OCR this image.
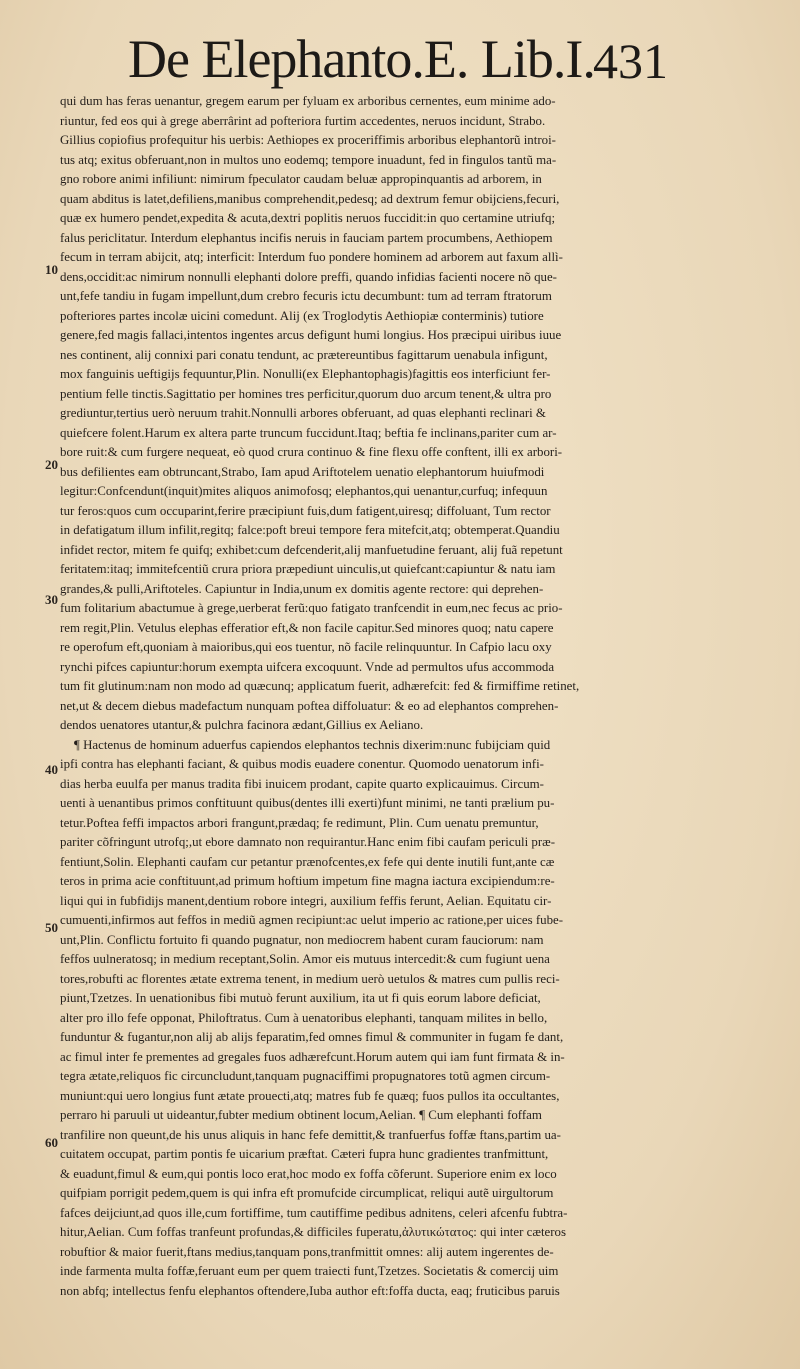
De Elephanto.E. Lib.I.
431
10
20
30
40
50
60
qui dum has feras uenantur, gregem earum per fyluam ex arboribus cernentes, eum minime ado-
riuntur, fed eos qui à grege aberrârint ad pofteriora furtim accedentes, neruos incidunt, Strabo.
Gillius copiofius profequitur his uerbis: Aethiopes ex proceriffimis arboribus elephantorũ introi-
tus atq; exitus obferuant,non in multos uno eodemq; tempore inuadunt, fed in fingulos tantũ ma-
gno robore animi infiliunt: nimirum fpeculator caudam beluæ appropinquantis ad arborem, in
quam abditus is latet,defiliens,manibus comprehendit,pedesq; ad dextrum femur obijciens,fecuri,
quæ ex humero pendet,expedita & acuta,dextri poplitis neruos fuccidit:in quo certamine utriufq;
falus periclitatur. Interdum elephantus incifis neruis in fauciam partem procumbens, Aethiopem
fecum in terram abijcit, atq; interficit: Interdum fuo pondere hominem ad arborem aut faxum allì-
dens,occidit:ac nimirum nonnulli elephanti dolore preffi, quando infidias facienti nocere nõ que-
unt,fefe tandiu in fugam impellunt,dum crebro fecuris ictu decumbunt: tum ad terram ftratorum
pofteriores partes incolæ uicini comedunt. Alij (ex Troglodytis Aethiopiæ conterminis) tutiore
genere,fed magis fallaci,intentos ingentes arcus defigunt humi longius. Hos præcipui uiribus iuue
nes continent, alij connixi pari conatu tendunt, ac prætereuntibus fagittarum uenabula infigunt,
mox fanguinis ueftigijs fequuntur,Plin. Nonulli(ex Elephantophagis)fagittis eos interficiunt fer-
pentium felle tinctis.Sagittatio per homines tres perficitur,quorum duo arcum tenent,& ultra pro
grediuntur,tertius uerò neruum trahit.Nonnulli arbores obferuant, ad quas elephanti reclinari &
quiefcere folent.Harum ex altera parte truncum fuccidunt.Itaq; beftia fe inclinans,pariter cum ar-
bore ruit:& cum furgere nequeat, eò quod crura continuo & fine flexu offe conftent, illi ex arbori-
bus defilientes eam obtruncant,Strabo, Iam apud Ariftotelem uenatio elephantorum huiufmodi
legitur:Confcendunt(inquit)mites aliquos animofosq; elephantos,qui uenantur,curfuq; infequun
tur feros:quos cum occuparint,ferire præcipiunt fuis,dum fatigent,uiresq; diffoluant, Tum rector
in defatigatum illum infilit,regitq; falce:poft breui tempore fera mitefcit,atq; obtemperat.Quandiu
infidet rector, mitem fe quifq; exhibet:cum defcenderit,alij manfuetudine feruant, alij fuã repetunt
feritatem:itaq; immitefcentiũ crura priora præpediunt uinculis,ut quiefcant:capiuntur & natu iam
grandes,& pulli,Ariftoteles. Capiuntur in India,unum ex domitis agente rectore: qui deprehen-
fum folitarium abactumue à grege,uerberat ferũ:quo fatigato tranfcendit in eum,nec fecus ac prio-
rem regit,Plin. Vetulus elephas efferatior eft,& non facile capitur.Sed minores quoq; natu capere
re operofum eft,quoniam à maioribus,qui eos tuentur, nõ facile relinquuntur. In Cafpio lacu oxy
rynchi pifces capiuntur:horum exempta uifcera excoquunt. Vnde ad permultos ufus accommoda
tum fit glutinum:nam non modo ad quæcunq; applicatum fuerit, adhærefcit: fed & firmiffime retinet,
net,ut & decem diebus madefactum nunquam poftea diffoluatur: & eo ad elephantos comprehen-
dendos uenatores utantur,& pulchra facinora ædant,Gillius ex Aeliano.
¶ Hactenus de hominum aduerfus capiendos elephantos technis dixerim:nunc fubijciam quid
ipfi contra has elephanti faciant, & quibus modis euadere conentur. Quomodo uenatorum infi-
dias herba euulfa per manus tradita fibi inuicem prodant, capite quarto explicauimus. Circum-
uenti à uenantibus primos conftituunt quibus(dentes illi exerti)funt minimi, ne tanti prælium pu-
tetur.Poftea feffi impactos arbori frangunt,prædaq; fe redimunt, Plin. Cum uenatu premuntur,
pariter cõfringunt utrofq;,ut ebore damnato non requirantur.Hanc enim fibi caufam periculi præ-
fentiunt,Solin. Elephanti caufam cur petantur prænofcentes,ex fefe qui dente inutili funt,ante cæ
teros in prima acie conftituunt,ad primum hoftium impetum fine magna iactura excipiendum:re-
liqui qui in fubfidijs manent,dentium robore integri, auxilium feffis ferunt, Aelian. Equitatu cir-
cumuenti,infirmos aut feffos in mediũ agmen recipiunt:ac uelut imperio ac ratione,per uices fube-
unt,Plin. Conflictu fortuito fi quando pugnatur, non mediocrem habent curam fauciorum: nam
feffos uulneratosq; in medium receptant,Solin. Amor eis mutuus intercedit:& cum fugiunt uena
tores,robufti ac florentes ætate extrema tenent, in medium uerò uetulos & matres cum pullis reci-
piunt,Tzetzes. In uenationibus fibi mutuò ferunt auxilium, ita ut fi quis eorum labore deficiat,
alter pro illo fefe opponat, Philoftratus. Cum à uenatoribus elephanti, tanquam milites in bello,
funduntur & fugantur,non alij ab alijs feparatim,fed omnes fimul & communiter in fugam fe dant,
ac fimul inter fe prementes ad gregales fuos adhærefcunt.Horum autem qui iam funt firmata & in-
tegra ætate,reliquos fic circuncludunt,tanquam pugnaciffimi propugnatores totũ agmen circum-
muniunt:qui uero longius funt ætate prouecti,atq; matres fub fe quæq; fuos pullos ita occultantes,
perraro hi paruuli ut uideantur,fubter medium obtinent locum,Aelian. ¶ Cum elephanti foffam
tranfilire non queunt,de his unus aliquis in hanc fefe demittit,& tranfuerfus foffæ ftans,partim ua-
cuitatem occupat, partim pontis fe uicarium præftat. Cæteri fupra hunc gradientes tranfmittunt,
& euadunt,fimul & eum,qui pontis loco erat,hoc modo ex foffa cõferunt. Superiore enim ex loco
quifpiam porrigit pedem,quem is qui infra eft promufcide circumplicat, reliqui autẽ uirgultorum
fafces deijciunt,ad quos ille,cum fortiffime, tum cautiffime pedibus adnitens, celeri afcenfu fubtra-
hitur,Aelian. Cum foffas tranfeunt profundas,& difficiles fuperatu,ἀλυτικώτατος: qui inter cæteros
robuftior & maior fuerit,ftans medius,tanquam pons,tranfmittit omnes: alij autem ingerentes de-
inde farmenta multa foffæ,feruant eum per quem traiecti funt,Tzetzes. Societatis & comercij uim
non abfq; intellectus fenfu elephantos oftendere,Iuba author eft:foffa ducta, eaq; fruticibus paruis
